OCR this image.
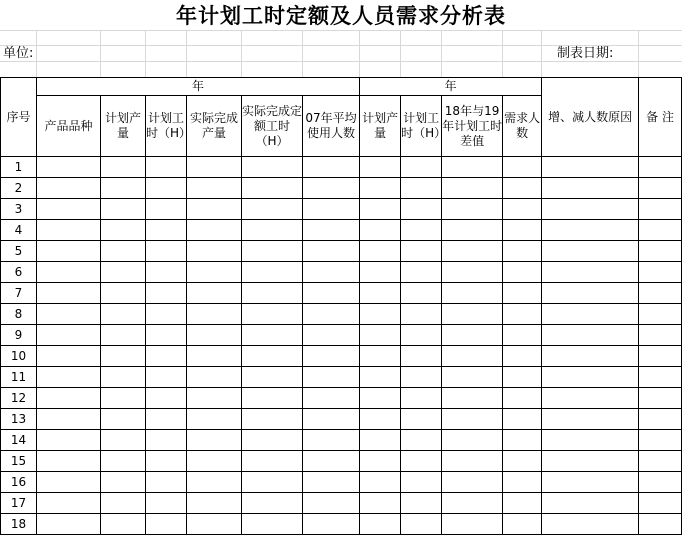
年计划工时定额及人员需求分析表
单位:	制表日期:
序号	年						年				增、减人数原因	备 注
	产品品种	计划产量	计划工时（H）	实际完成产量	实际完成定额工时（H）	07年平均使用人数	计划产量	计划工时（H）	18年与19年计划工时差值	需求人数		
1												
2												
3												
4												
5												
6												
7												
8												
9												
10												
11												
12												
13												
14												
15												
16												
17												
18												
